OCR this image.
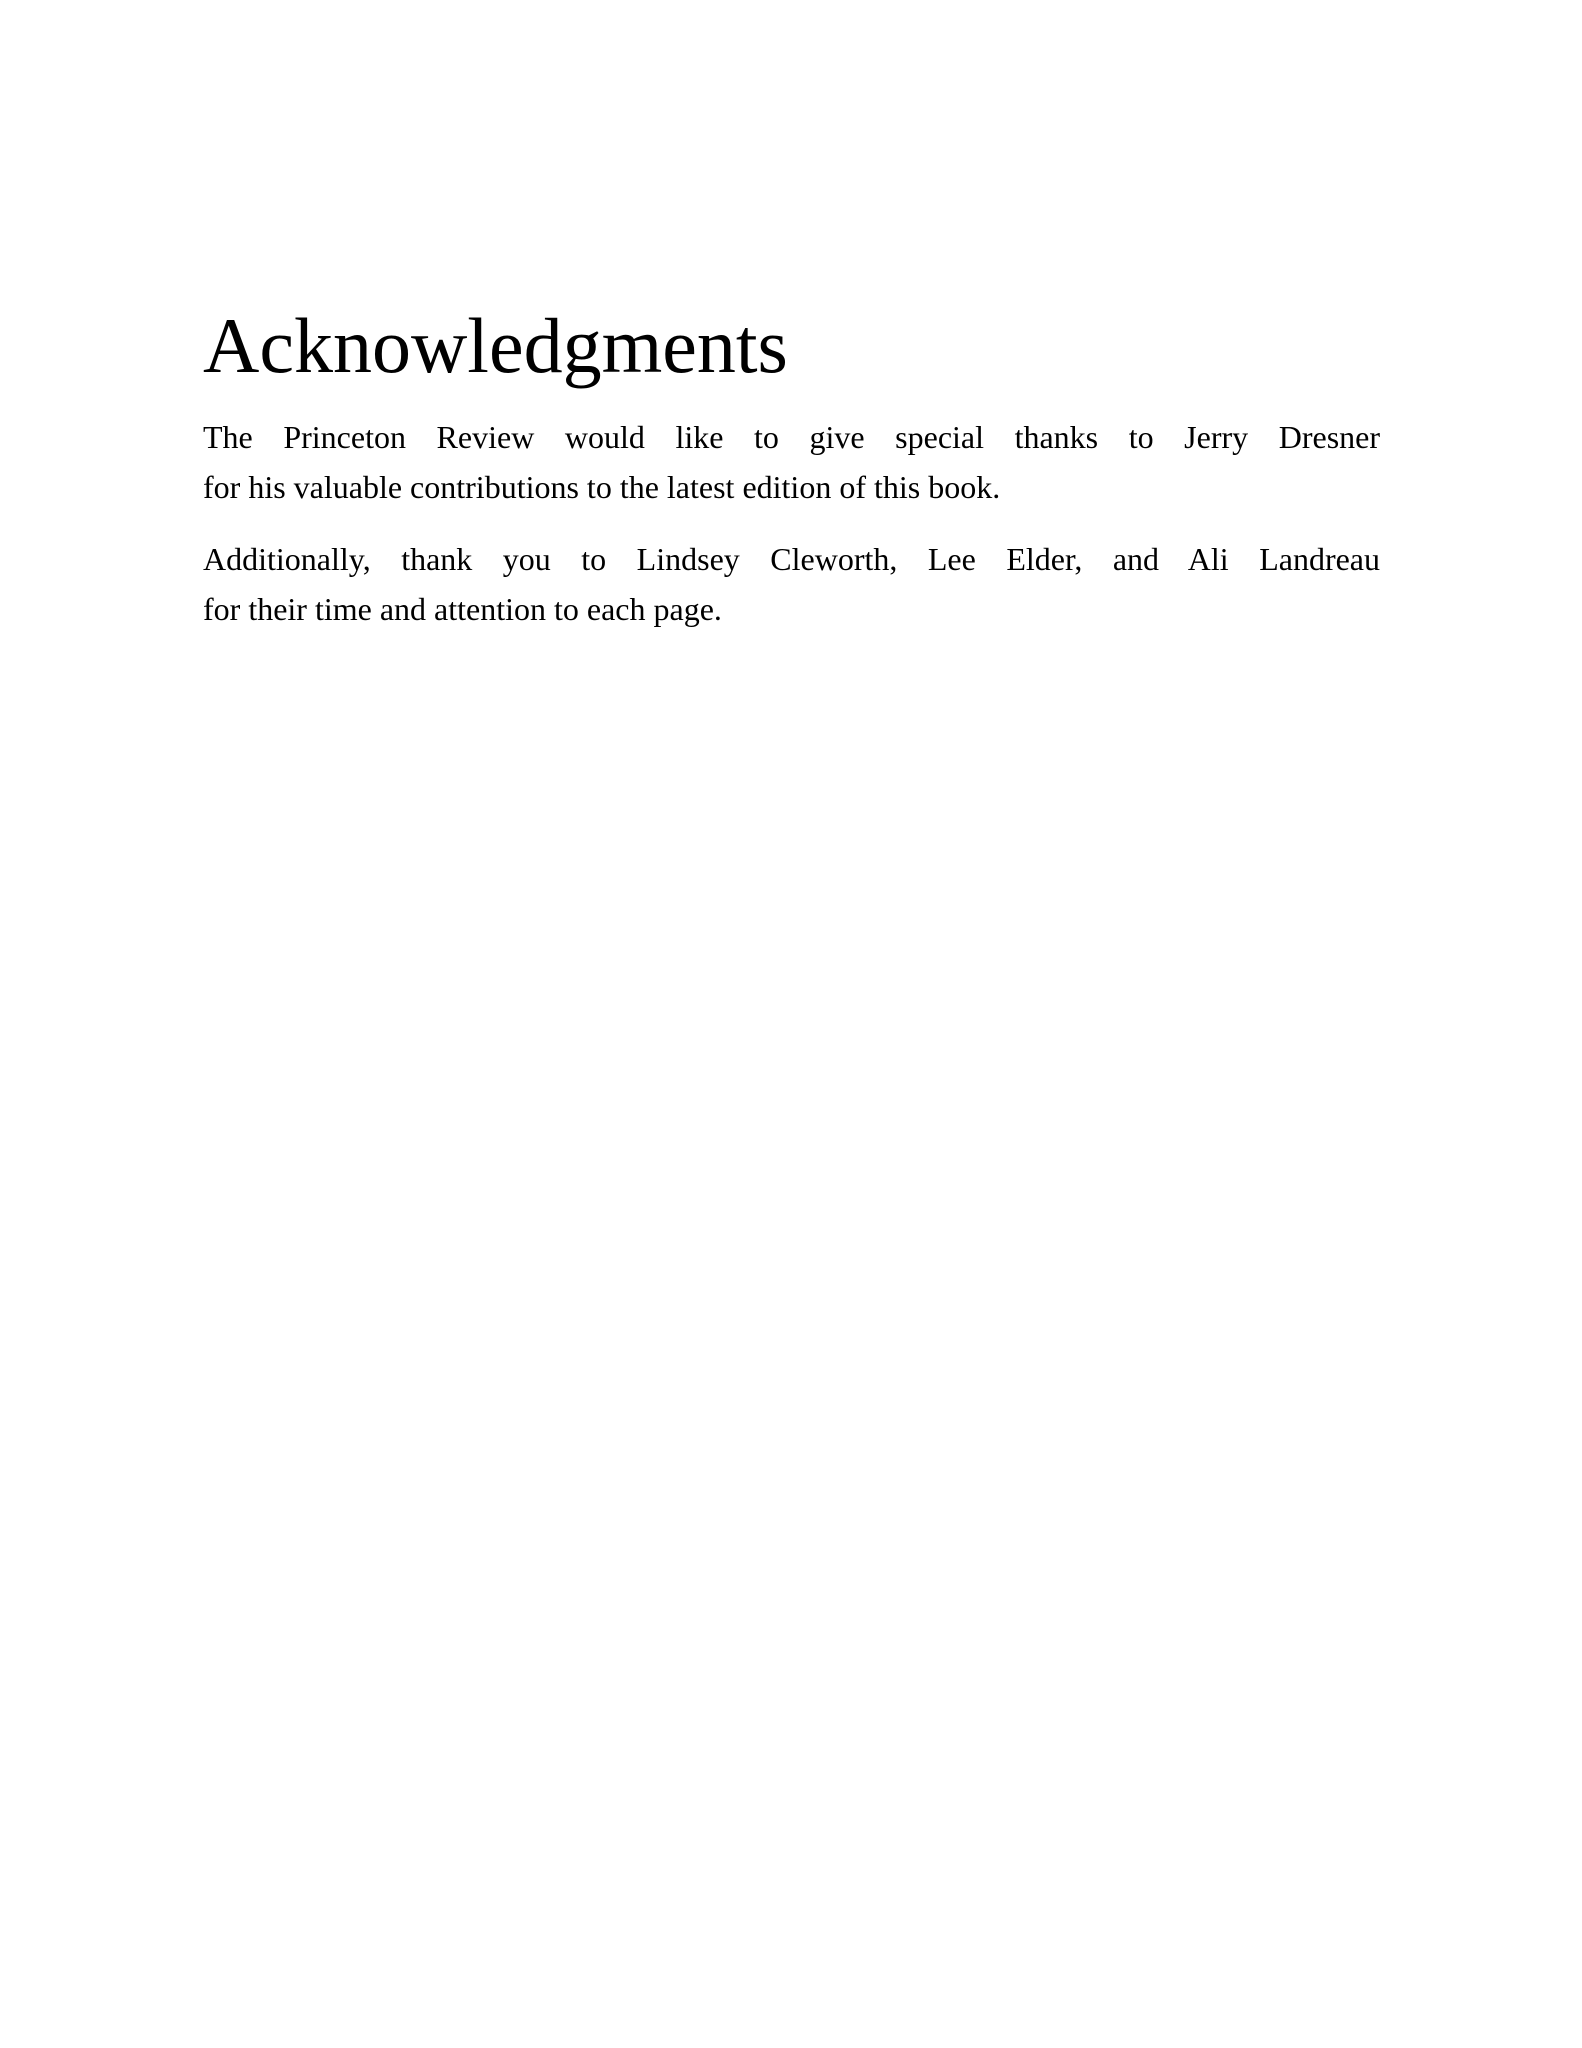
Acknowledgments

The Princeton Review would like to give special thanks to Jerry Dresner
for his valuable contributions to the latest edition of this book.

Additionally, thank you to Lindsey Cleworth, Lee Elder, and Ali Landreau
for their time and attention to each page.
